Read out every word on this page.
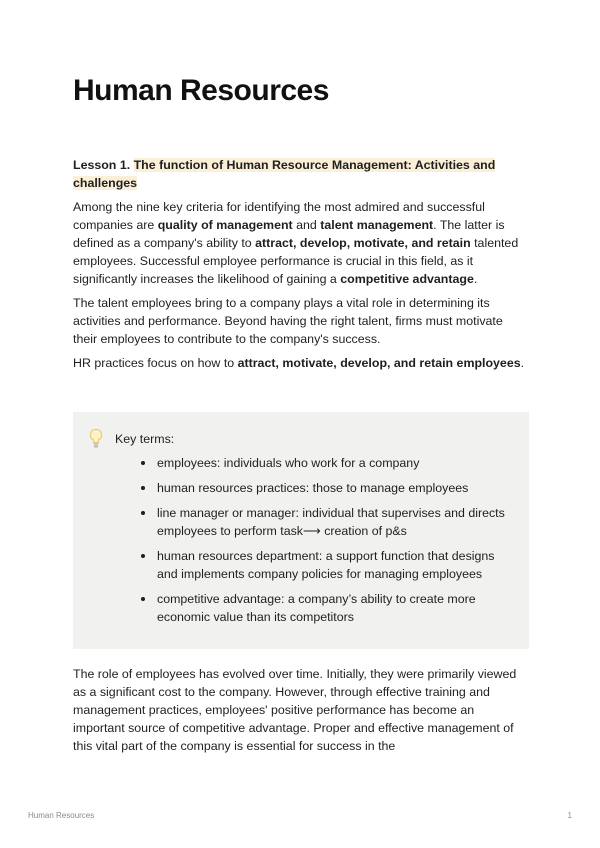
Human Resources
Lesson 1. The function of Human Resource Management: Activities and challenges

Among the nine key criteria for identifying the most admired and successful companies are quality of management and talent management. The latter is defined as a company's ability to attract, develop, motivate, and retain talented employees. Successful employee performance is crucial in this field, as it significantly increases the likelihood of gaining a competitive advantage.

The talent employees bring to a company plays a vital role in determining its activities and performance. Beyond having the right talent, firms must motivate their employees to contribute to the company's success.

HR practices focus on how to attract, motivate, develop, and retain employees.

Key terms:
employees: individuals who work for a company
human resources practices: those to manage employees
line manager or manager: individual that supervises and directs employees to perform task⟶ creation of p&s
human resources department: a support function that designs and implements company policies for managing employees
competitive advantage: a company’s ability to create more economic value than its competitors

The role of employees has evolved over time. Initially, they were primarily viewed as a significant cost to the company. However, through effective training and management practices, employees' positive performance has become an important source of competitive advantage. Proper and effective management of this vital part of the company is essential for success in the

Human Resources	1
